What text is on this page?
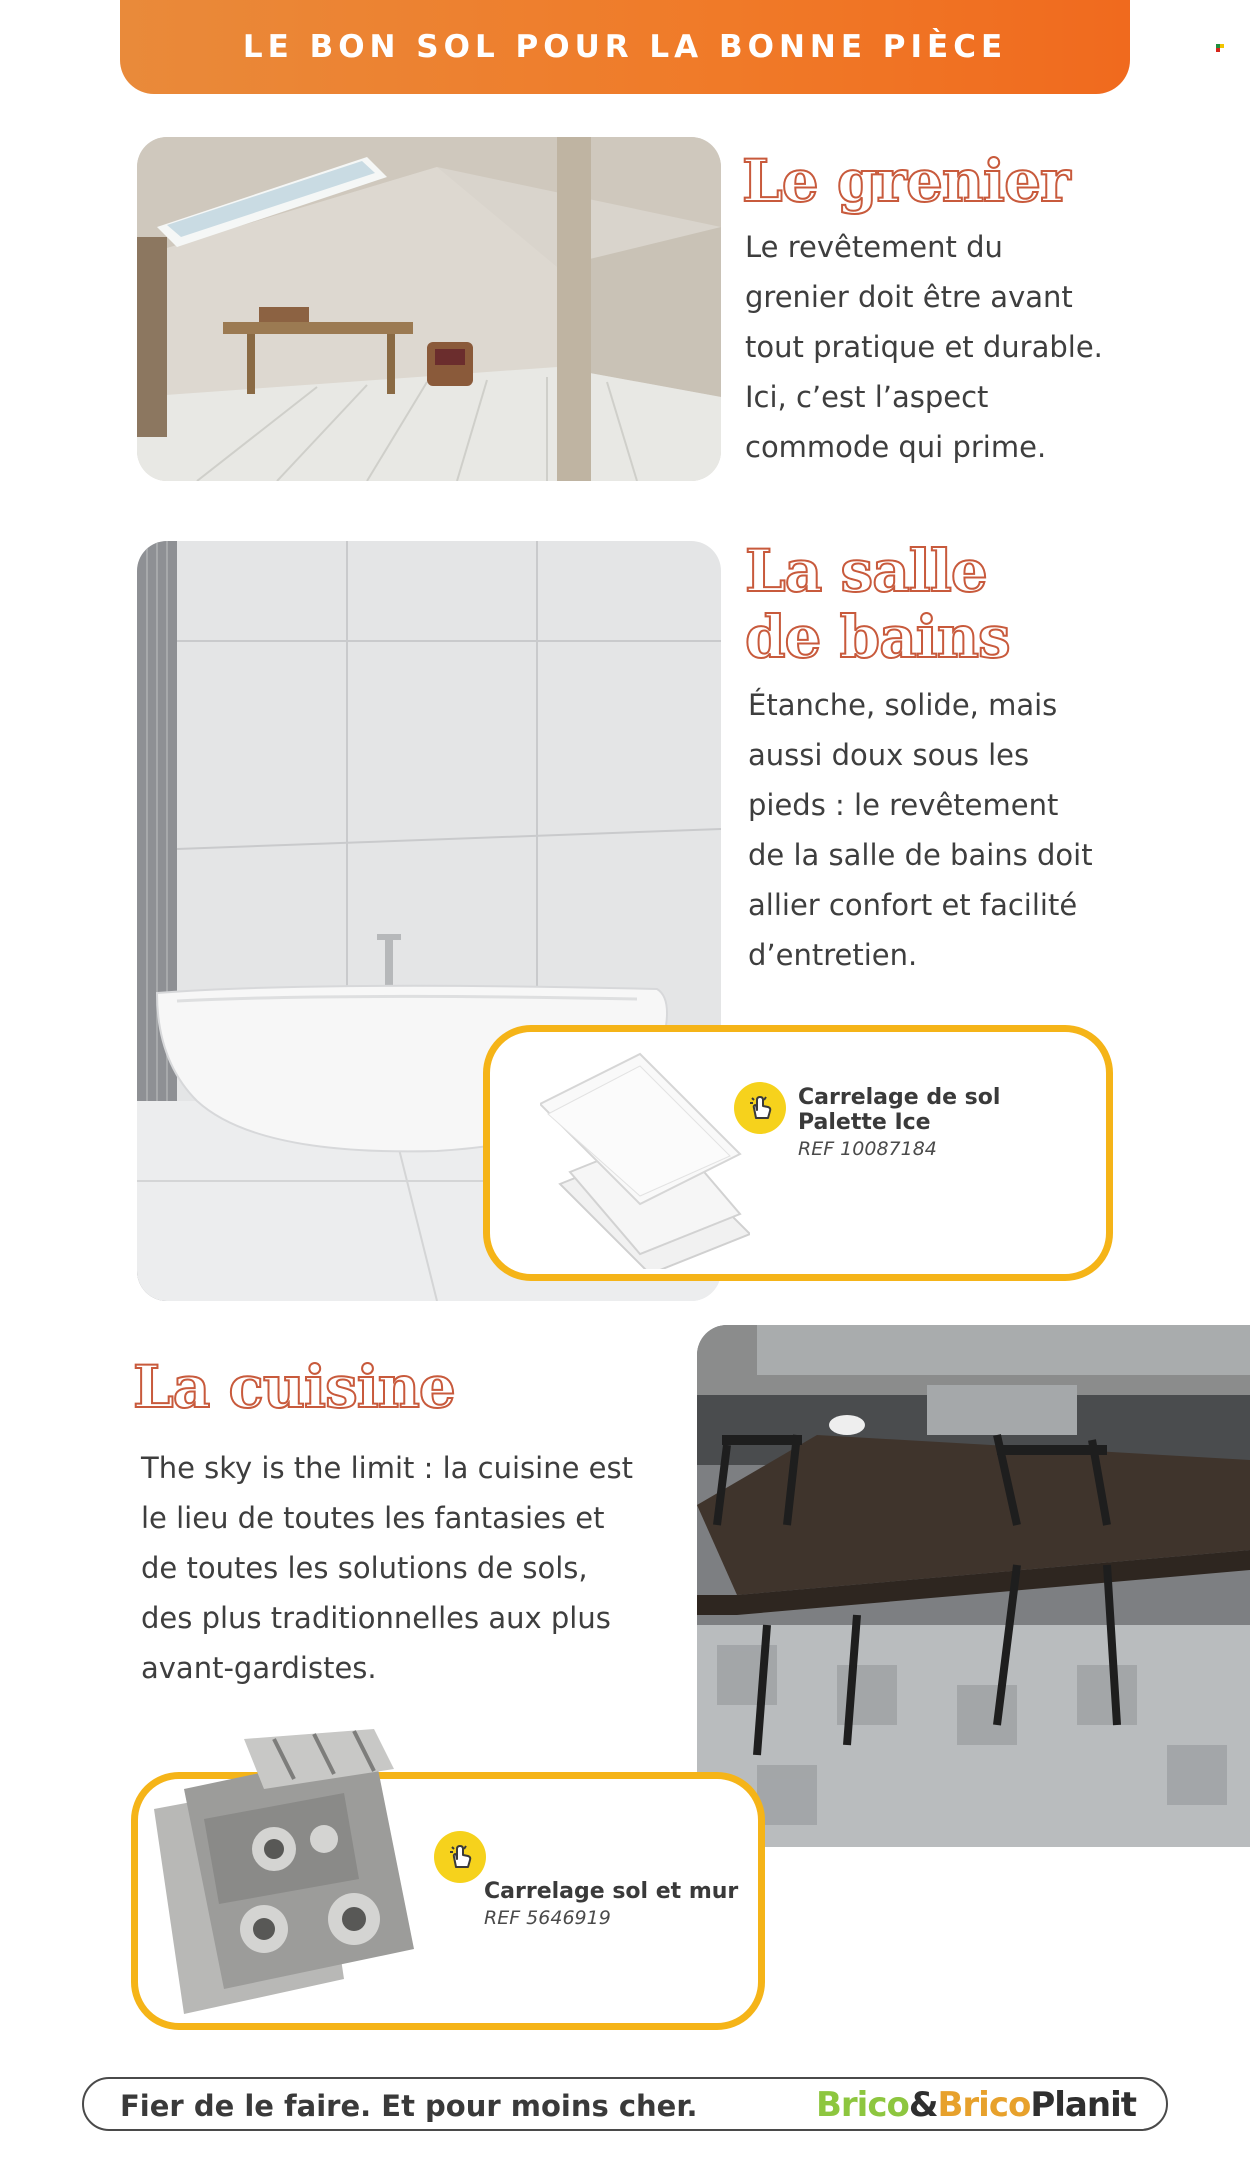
LE BON SOL POUR LA BONNE PIÈCE
Le grenier
Le revêtement du
grenier doit être avant
tout pratique et durable.
Ici, c’est l’aspect
commode qui prime.
La salle
de bains
Étanche, solide, mais
aussi doux sous les
pieds : le revêtement
de la salle de bains doit
allier confort et facilité
d’entretien.
Carrelage de sol
Palette Ice
REF 10087184
La cuisine
The sky is the limit : la cuisine est
le lieu de toutes les fantasies et
de toutes les solutions de sols,
des plus traditionnelles aux plus
avant-gardistes.
Carrelage sol et mur
REF 5646919
Fier de le faire. Et pour moins cher.	Brico&BricoPlanit
